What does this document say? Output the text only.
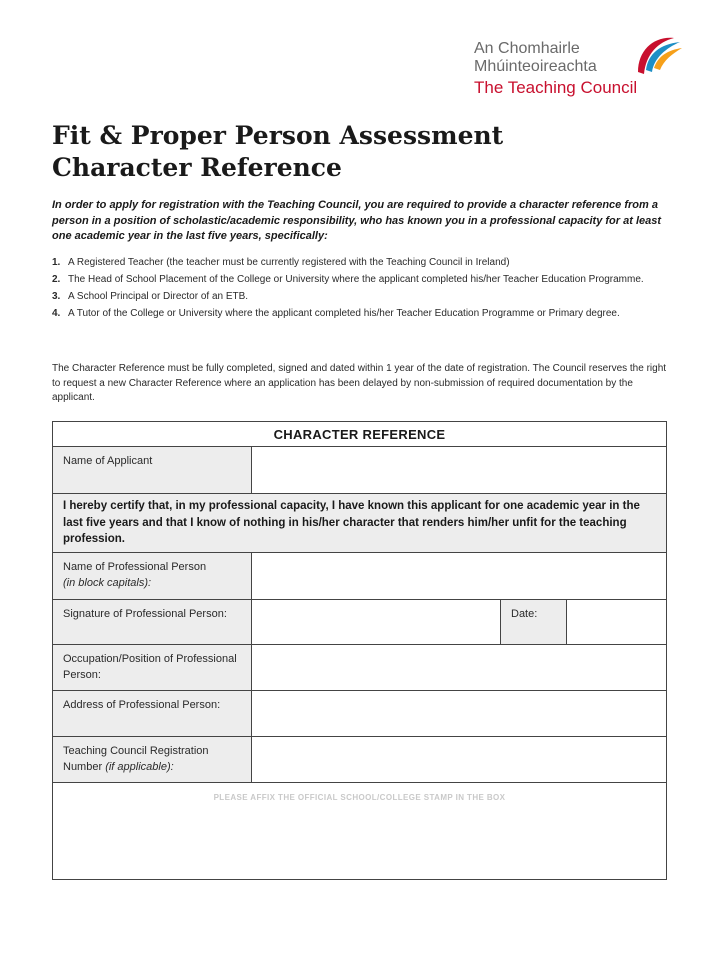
An Chomhairle
Mhúinteoireachta
The Teaching Council
Fit & Proper Person Assessment
Character Reference

In order to apply for registration with the Teaching Council, you are required to provide a character reference from a person in a position of scholastic/academic responsibility, who has known you in a professional capacity for at least one academic year in the last five years, specifically:

1. A Registered Teacher (the teacher must be currently registered with the Teaching Council in Ireland)
2. The Head of School Placement of the College or University where the applicant completed his/her Teacher Education Programme.
3. A School Principal or Director of an ETB.
4. A Tutor of the College or University where the applicant completed his/her Teacher Education Programme or Primary degree.

The Character Reference must be fully completed, signed and dated within 1 year of the date of registration. The Council reserves the right to request a new Character Reference where an application has been delayed by non-submission of required documentation by the applicant.

CHARACTER REFERENCE
Name of Applicant
I hereby certify that, in my professional capacity, I have known this applicant for one academic year in the last five years and that I know of nothing in his/her character that renders him/her unfit for the teaching profession.
Name of Professional Person
(in block capitals):
Signature of Professional Person:	Date:
Occupation/Position of Professional Person:
Address of Professional Person:
Teaching Council Registration Number (if applicable):
PLEASE AFFIX THE OFFICIAL SCHOOL/COLLEGE STAMP IN THE BOX
